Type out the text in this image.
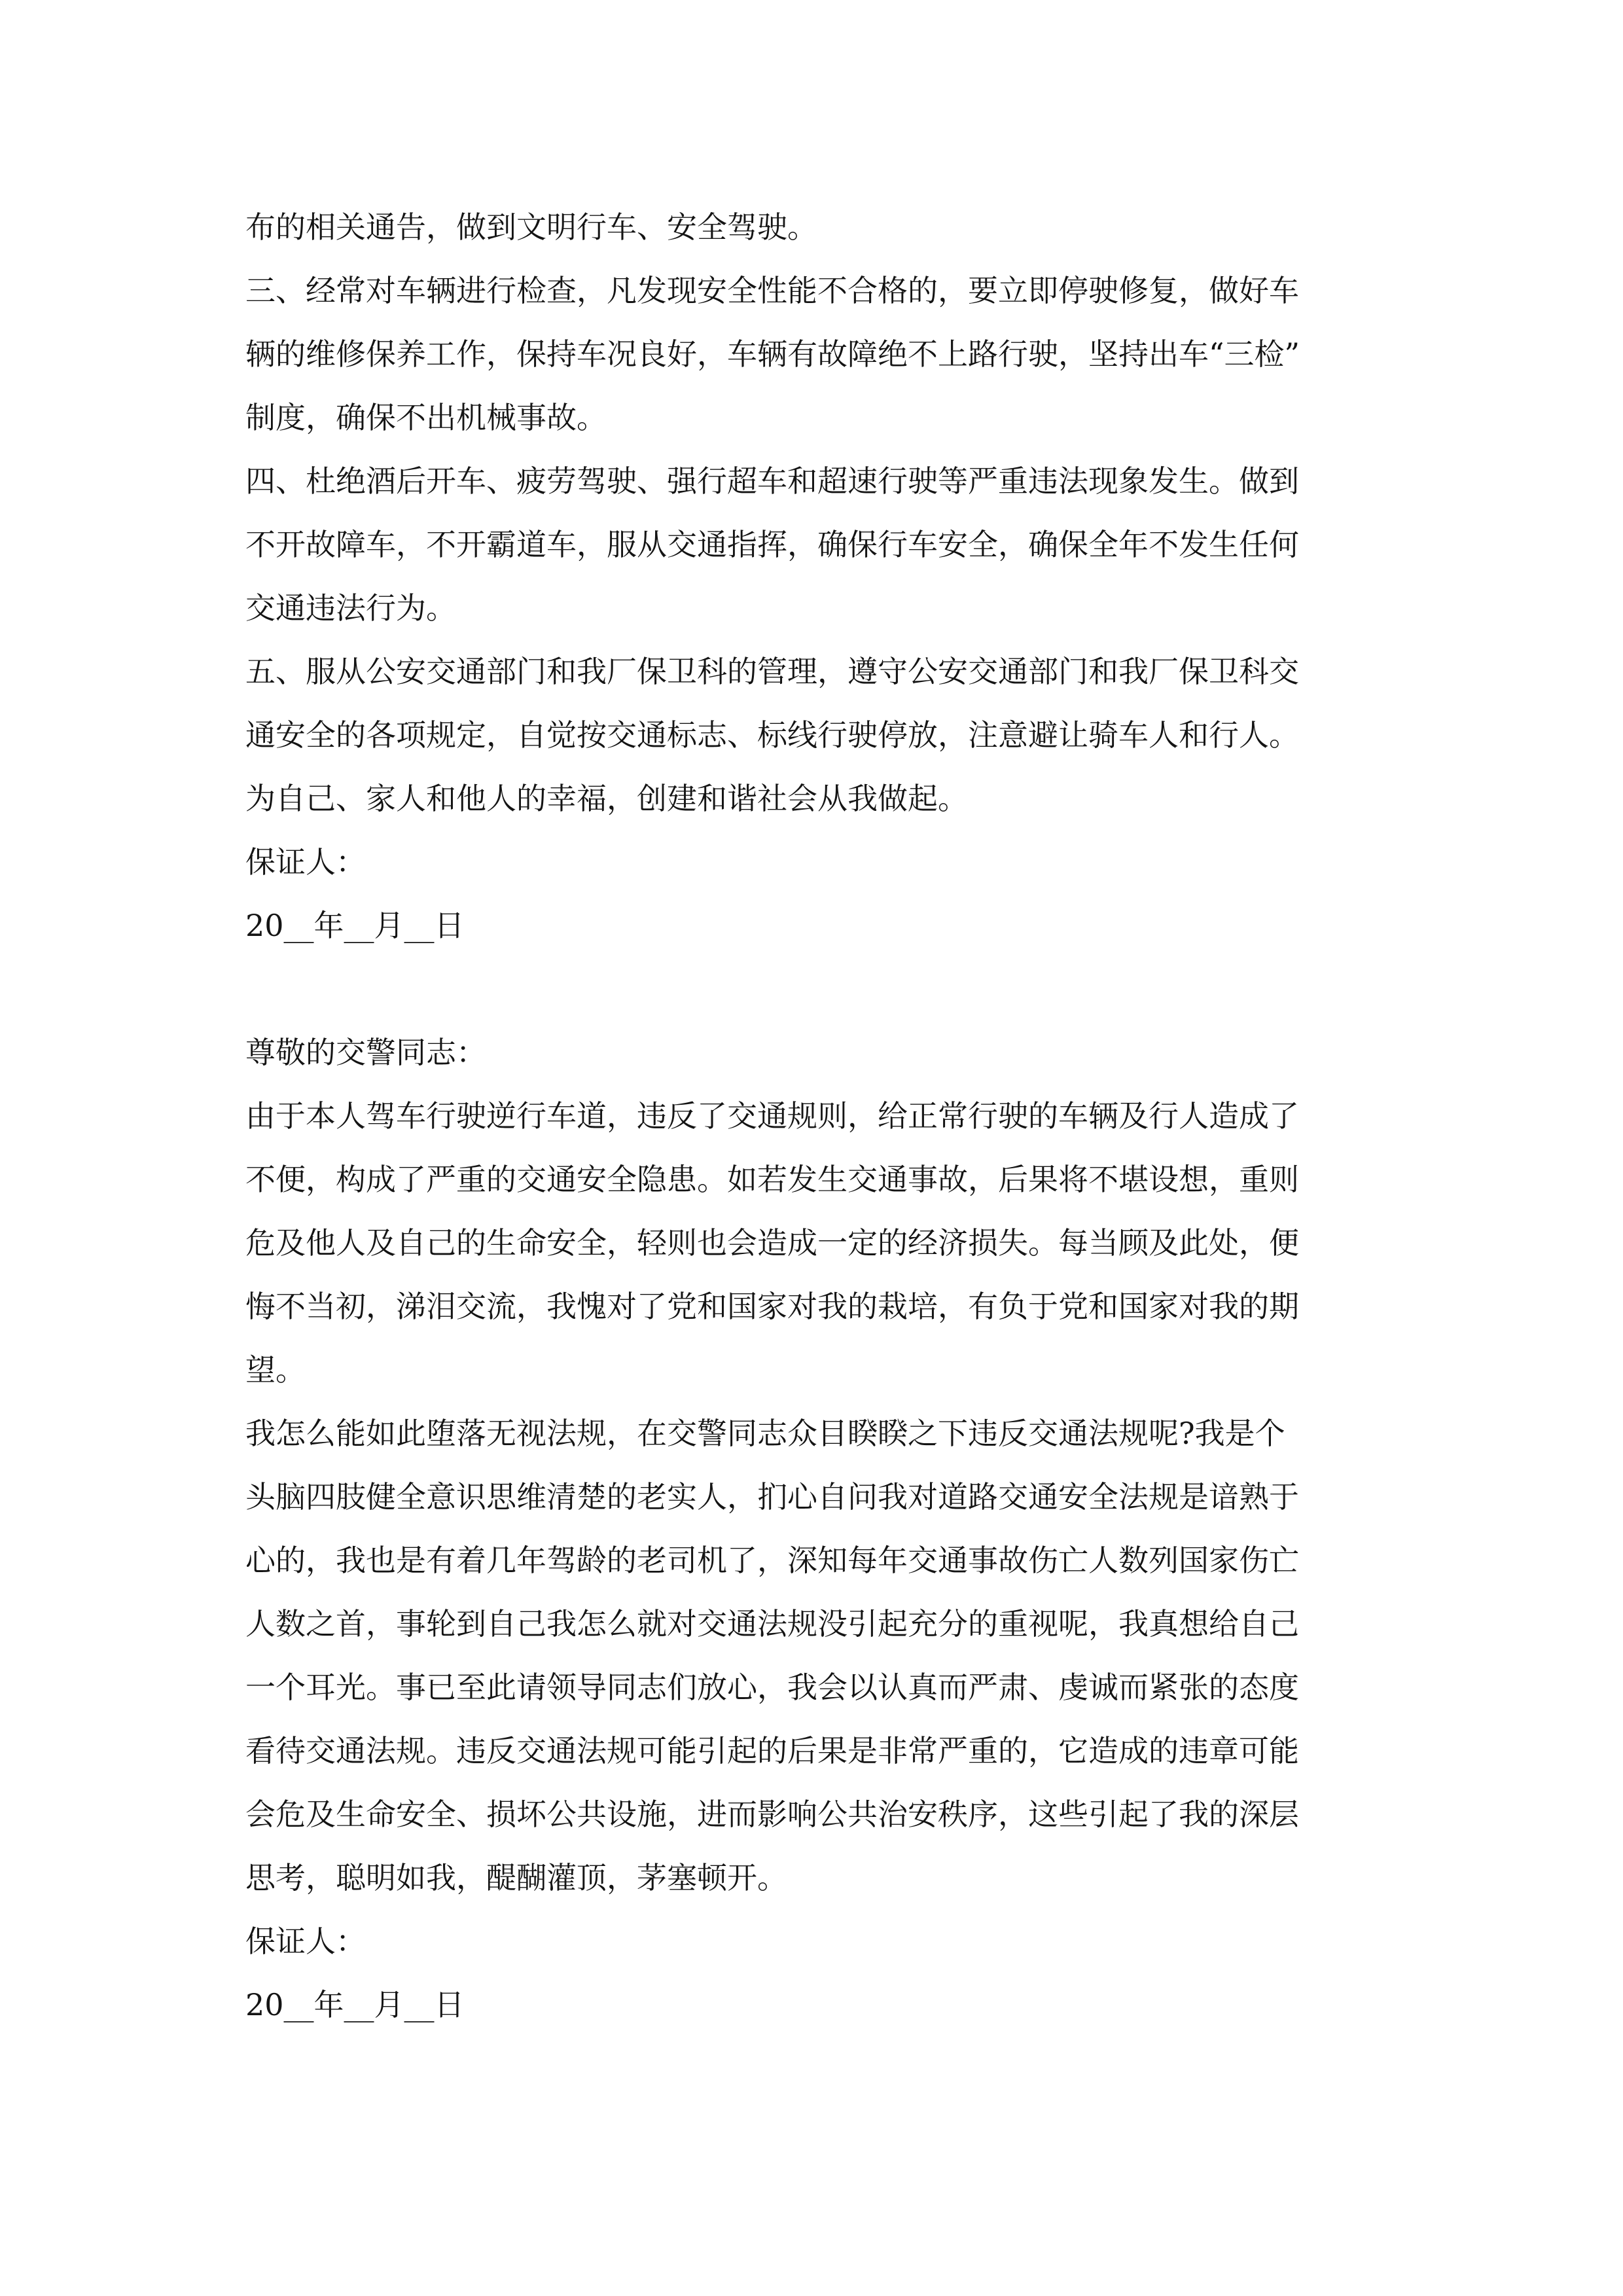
布的相关通告，做到文明行车、安全驾驶。
三、经常对车辆进行检查，凡发现安全性能不合格的，要立即停驶修复，做好车
辆的维修保养工作，保持车况良好，车辆有故障绝不上路行驶，坚持出车“三检”
制度，确保不出机械事故。
四、杜绝酒后开车、疲劳驾驶、强行超车和超速行驶等严重违法现象发生。做到
不开故障车，不开霸道车，服从交通指挥，确保行车安全，确保全年不发生任何
交通违法行为。
五、服从公安交通部门和我厂保卫科的管理，遵守公安交通部门和我厂保卫科交
通安全的各项规定，自觉按交通标志、标线行驶停放，注意避让骑车人和行人。
为自己、家人和他人的幸福，创建和谐社会从我做起。
保证人：
20__年__月__日
尊敬的交警同志：
由于本人驾车行驶逆行车道，违反了交通规则，给正常行驶的车辆及行人造成了
不便，构成了严重的交通安全隐患。如若发生交通事故，后果将不堪设想，重则
危及他人及自己的生命安全，轻则也会造成一定的经济损失。每当顾及此处，便
悔不当初，涕泪交流，我愧对了党和国家对我的栽培，有负于党和国家对我的期
望。
我怎么能如此堕落无视法规，在交警同志众目睽睽之下违反交通法规呢?我是个
头脑四肢健全意识思维清楚的老实人，扪心自问我对道路交通安全法规是谙熟于
心的，我也是有着几年驾龄的老司机了，深知每年交通事故伤亡人数列国家伤亡
人数之首，事轮到自己我怎么就对交通法规没引起充分的重视呢，我真想给自己
一个耳光。事已至此请领导同志们放心，我会以认真而严肃、虔诚而紧张的态度
看待交通法规。违反交通法规可能引起的后果是非常严重的，它造成的违章可能
会危及生命安全、损坏公共设施，进而影响公共治安秩序，这些引起了我的深层
思考，聪明如我，醍醐灌顶，茅塞顿开。
保证人：
20__年__月__日
